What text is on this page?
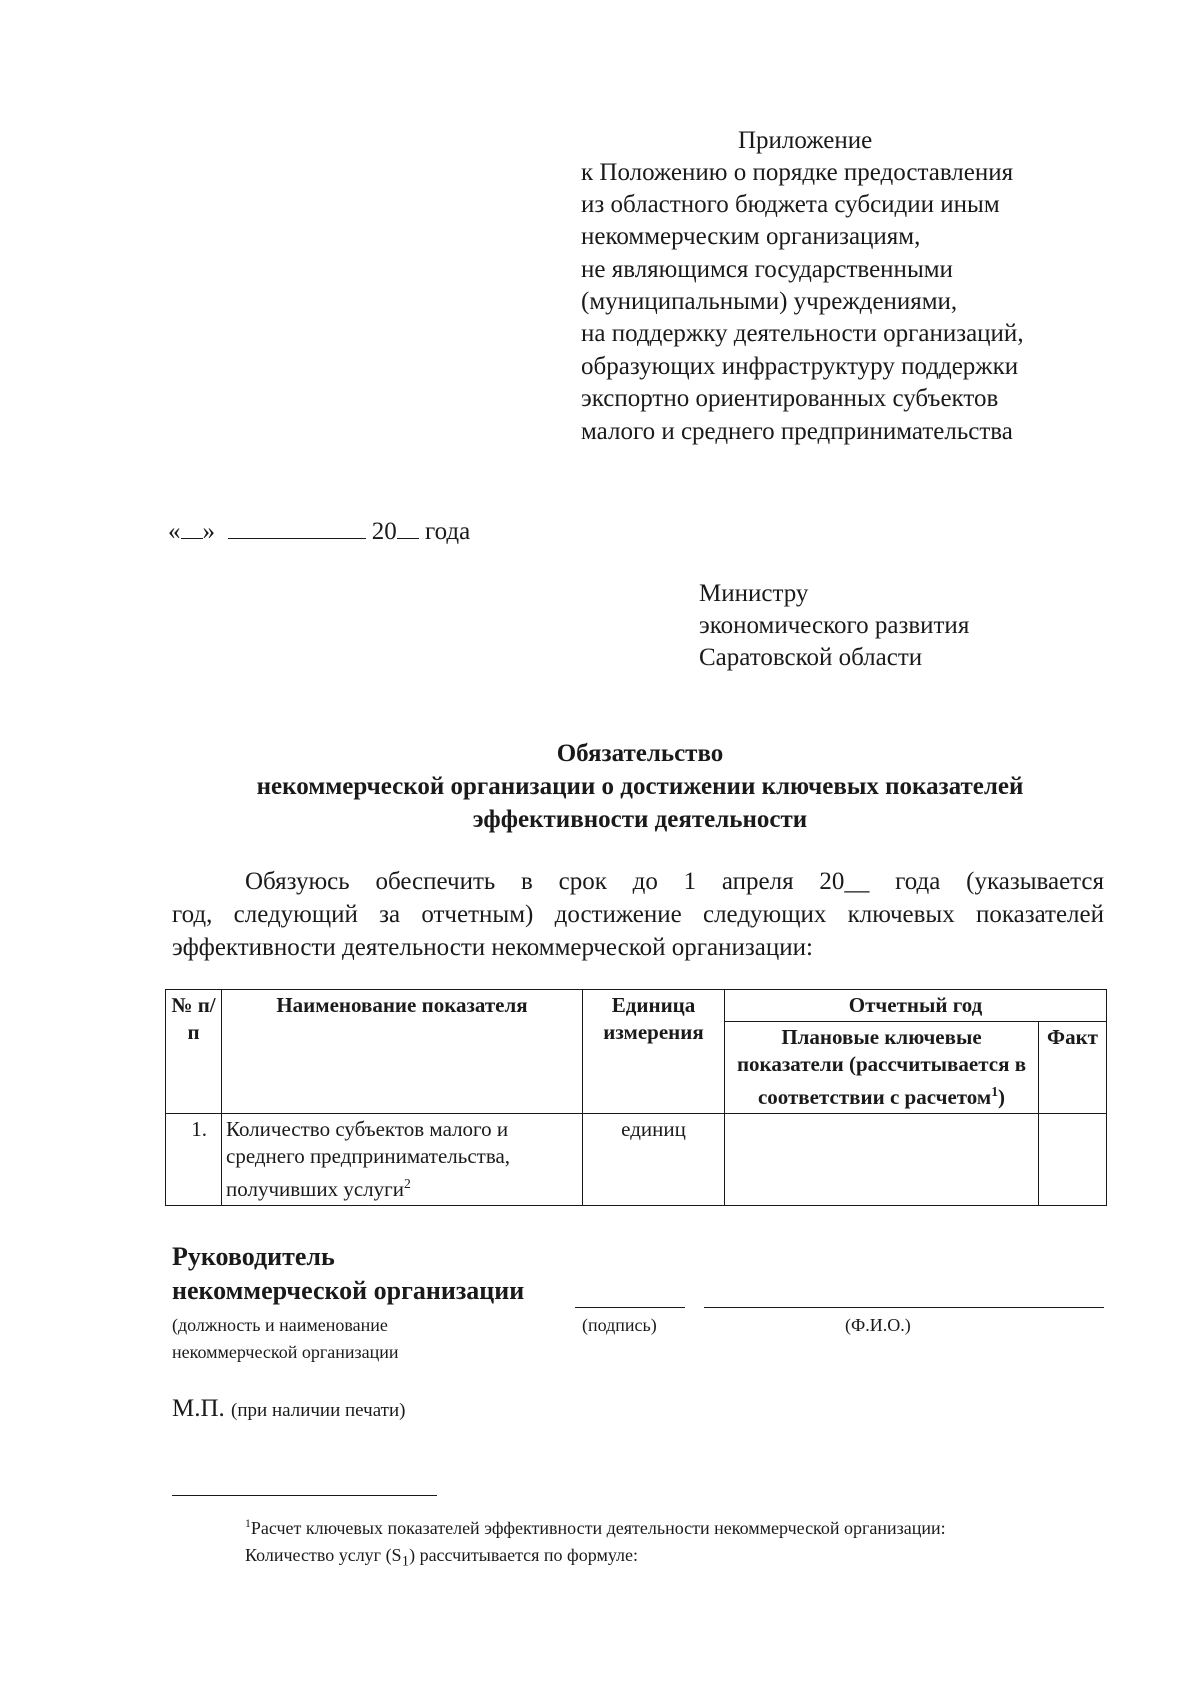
Приложение
к Положению о порядке предоставления
из областного бюджета субсидии иным
некоммерческим организациям,
не являющимся государственными
(муниципальными) учреждениями,
на поддержку деятельности организаций,
образующих инфраструктуру поддержки
экспортно ориентированных субъектов
малого и среднего предпринимательства
« »	20 года
Министру
экономического развития
Саратовской области
Обязательство
некоммерческой организации о достижении ключевых показателей
эффективности деятельности
Обязуюсь обеспечить в срок до 1 апреля 20__ года (указывается
год, следующий за отчетным) достижение следующих ключевых показателей
эффективности деятельности некоммерческой организации:
№ п/п	Наименование показателя	Единица измерения	Отчетный год	
			Плановые ключевые показатели (рассчитывается в соответствии с расчетом$^1$)	Факт
1.	Количество субъектов малого и среднего предпринимательства, получивших услуги$^2$	единиц		
Руководитель
некоммерческой организации
(должность и наименование
некоммерческой организации
(подпись)	(Ф.И.О.)
М.П. (при наличии печати)
$^1$Расчет ключевых показателей эффективности деятельности некоммерческой организации:
Количество услуг $(S_1)$ рассчитывается по формуле:
